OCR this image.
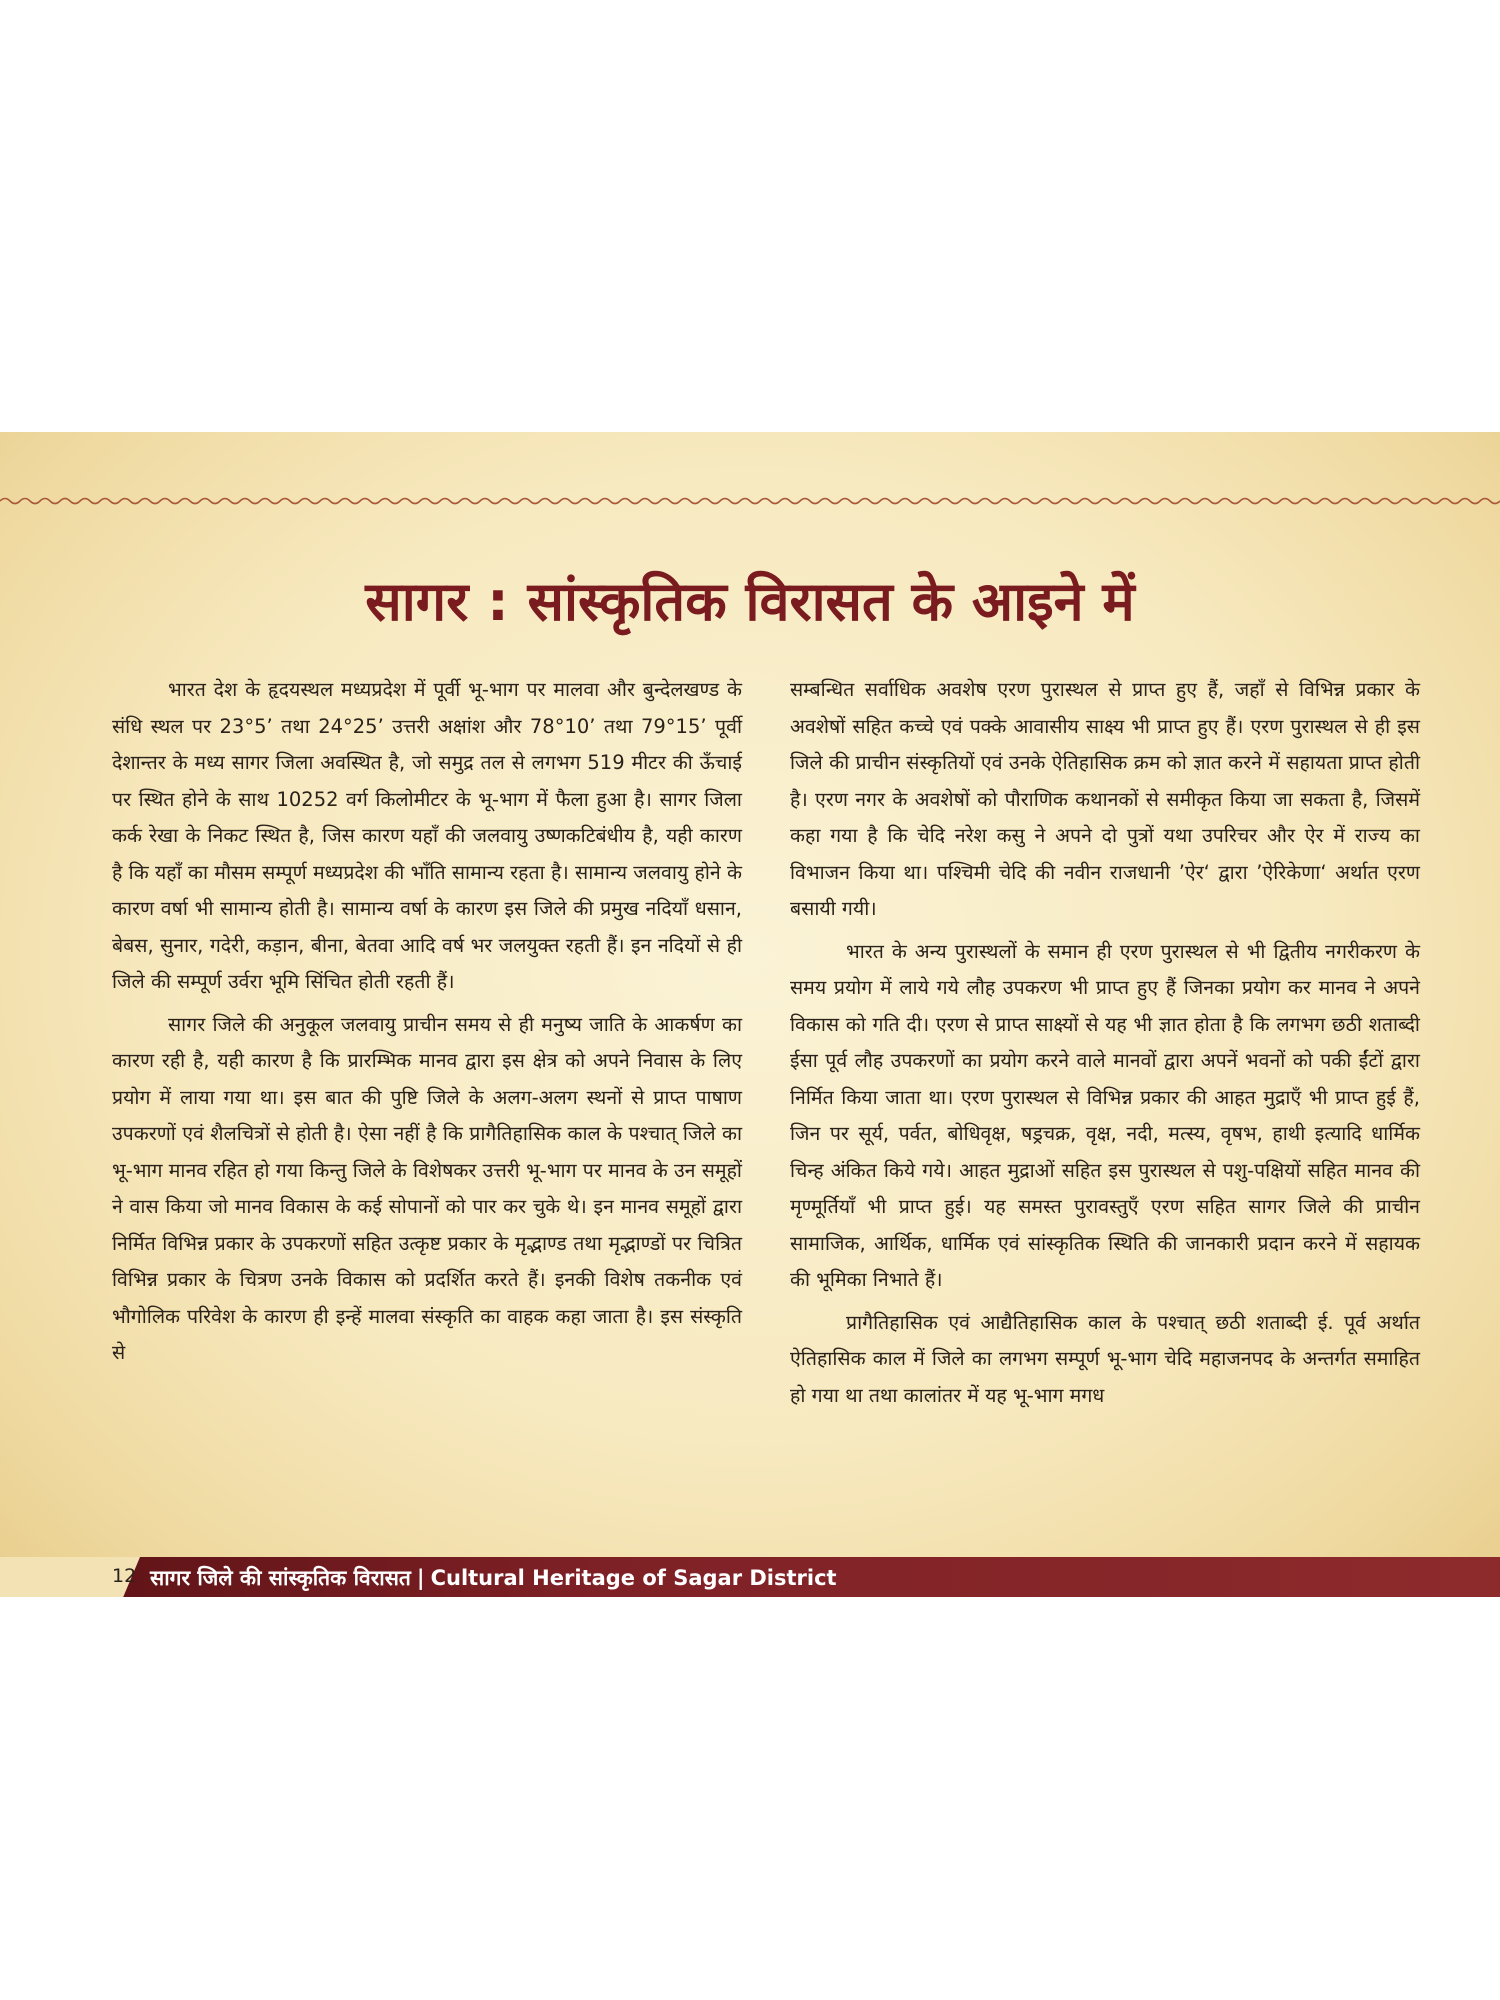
सागर : सांस्कृतिक विरासत के आइने में

भारत देश के हृदयस्थल मध्यप्रदेश में पूर्वी भू-भाग पर मालवा और बुन्देलखण्ड के संधि स्थल पर 23°5’ तथा 24°25’ उत्तरी अक्षांश और 78°10’ तथा 79°15’ पूर्वी देशान्तर के मध्य सागर जिला अवस्थित है, जो समुद्र तल से लगभग 519 मीटर की ऊँचाई पर स्थित होने के साथ 10252 वर्ग किलोमीटर के भू-भाग में फैला हुआ है। सागर जिला कर्क रेखा के निकट स्थित है, जिस कारण यहाँ की जलवायु उष्णकटिबंधीय है, यही कारण है कि यहाँ का मौसम सम्पूर्ण मध्यप्रदेश की भाँति सामान्य रहता है। सामान्य जलवायु होने के कारण वर्षा भी सामान्य होती है। सामान्य वर्षा के कारण इस जिले की प्रमुख नदियाँ धसान, बेबस, सुनार, गदेरी, कड़ान, बीना, बेतवा आदि वर्ष भर जलयुक्त रहती हैं। इन नदियों से ही जिले की सम्पूर्ण उर्वरा भूमि सिंचित होती रहती हैं।

सागर जिले की अनुकूल जलवायु प्राचीन समय से ही मनुष्य जाति के आकर्षण का कारण रही है, यही कारण है कि प्रारम्भिक मानव द्वारा इस क्षेत्र को अपने निवास के लिए प्रयोग में लाया गया था। इस बात की पुष्टि जिले के अलग-अलग स्थनों से प्राप्त पाषाण उपकरणों एवं शैलचित्रों से होती है। ऐसा नहीं है कि प्रागैतिहासिक काल के पश्चात् जिले का भू-भाग मानव रहित हो गया किन्तु जिले के विशेषकर उत्तरी भू-भाग पर मानव के उन समूहों ने वास किया जो मानव विकास के कई सोपानों को पार कर चुके थे। इन मानव समूहों द्वारा निर्मित विभिन्न प्रकार के उपकरणों सहित उत्कृष्ट प्रकार के मृद्भाण्ड तथा मृद्भाण्डों पर चित्रित विभिन्न प्रकार के चित्रण उनके विकास को प्रदर्शित करते हैं। इनकी विशेष तकनीक एवं भौगोलिक परिवेश के कारण ही इन्हें मालवा संस्कृति का वाहक कहा जाता है। इस संस्कृति से

सम्बन्धित सर्वाधिक अवशेष एरण पुरास्थल से प्राप्त हुए हैं, जहाँ से विभिन्न प्रकार के अवशेषों सहित कच्चे एवं पक्के आवासीय साक्ष्य भी प्राप्त हुए हैं। एरण पुरास्थल से ही इस जिले की प्राचीन संस्कृतियों एवं उनके ऐतिहासिक क्रम को ज्ञात करने में सहायता प्राप्त होती है। एरण नगर के अवशेषों को पौराणिक कथानकों से समीकृत किया जा सकता है, जिसमें कहा गया है कि चेदि नरेश कसु ने अपने दो पुत्रों यथा उपरिचर और ऐर में राज्य का विभाजन किया था। पश्चिमी चेदि की नवीन राजधानी ’ऐर‘ द्वारा ’ऐरिकेणा‘ अर्थात एरण बसायी गयी।

भारत के अन्य पुरास्थलों के समान ही एरण पुरास्थल से भी द्वितीय नगरीकरण के समय प्रयोग में लाये गये लौह उपकरण भी प्राप्त हुए हैं जिनका प्रयोग कर मानव ने अपने विकास को गति दी। एरण से प्राप्त साक्ष्यों से यह भी ज्ञात होता है कि लगभग छठी शताब्दी ईसा पूर्व लौह उपकरणों का प्रयोग करने वाले मानवों द्वारा अपनें भवनों को पकी ईंटों द्वारा निर्मित किया जाता था। एरण पुरास्थल से विभिन्न प्रकार की आहत मुद्राएँ भी प्राप्त हुई हैं, जिन पर सूर्य, पर्वत, बोधिवृक्ष, षड्रचक्र, वृक्ष, नदी, मत्स्य, वृषभ, हाथी इत्यादि धार्मिक चिन्ह अंकित किये गये। आहत मुद्राओं सहित इस पुरास्थल से पशु-पक्षियों सहित मानव की मृण्मूर्तियाँ भी प्राप्त हुई। यह समस्त पुरावस्तुएँ एरण सहित सागर जिले की प्राचीन सामाजिक, आर्थिक, धार्मिक एवं सांस्कृतिक स्थिति की जानकारी प्रदान करने में सहायक की भूमिका निभाते हैं।

प्रागैतिहासिक एवं आद्यैतिहासिक काल के पश्चात् छठी शताब्दी ई. पूर्व अर्थात ऐतिहासिक काल में जिले का लगभग सम्पूर्ण भू-भाग चेदि महाजनपद के अन्तर्गत समाहित हो गया था तथा कालांतर में यह भू-भाग मगध

12 सागर जिले की सांस्कृतिक विरासत | Cultural Heritage of Sagar District
